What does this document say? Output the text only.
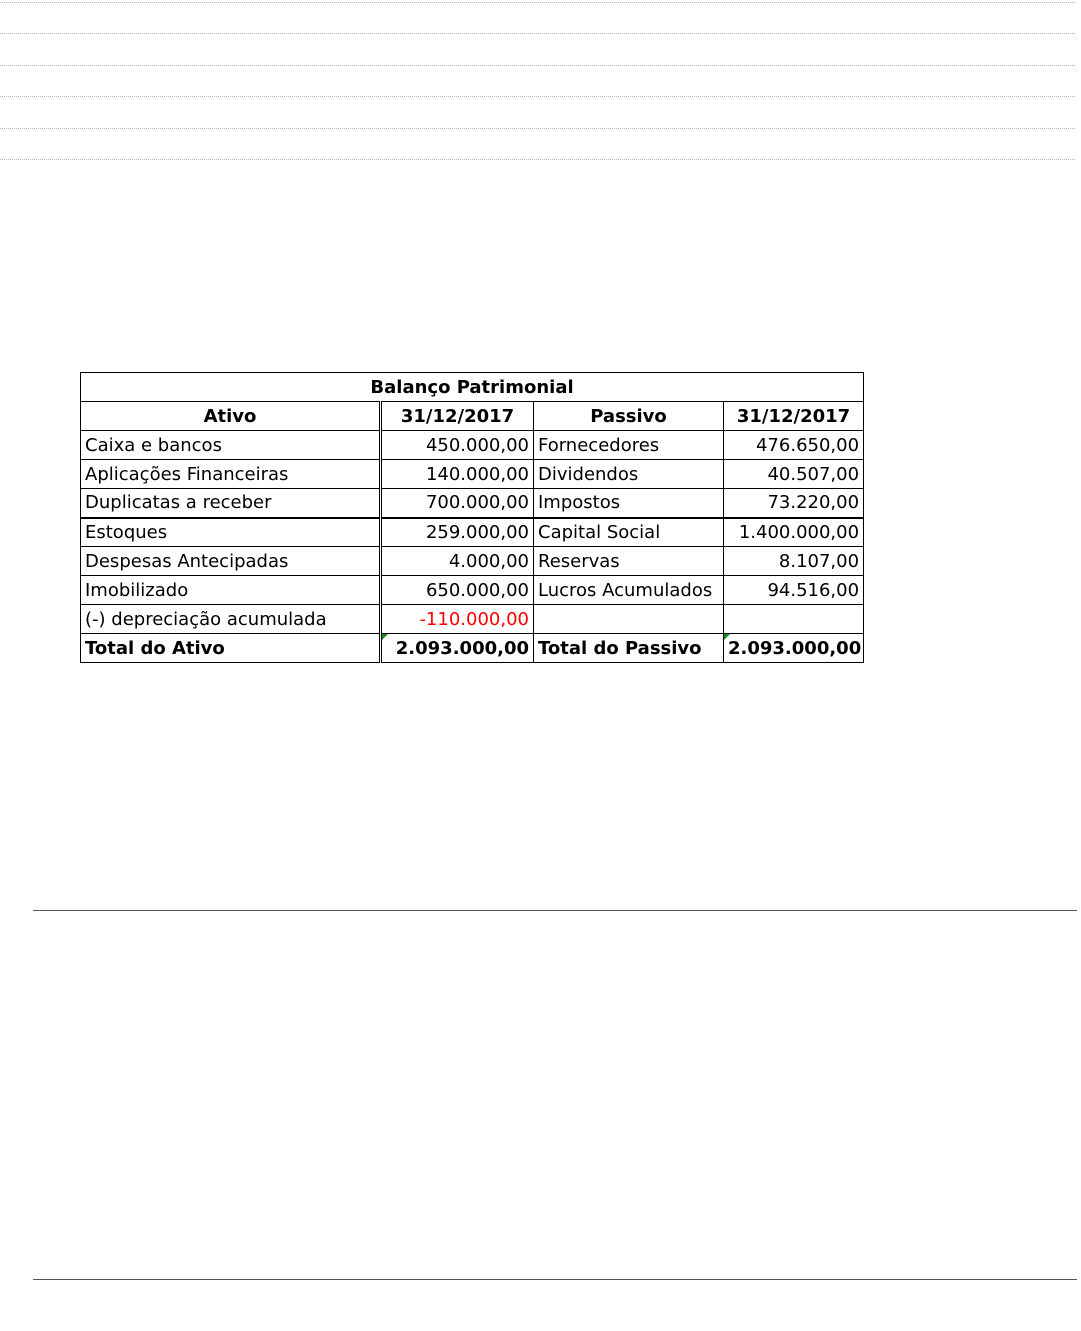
Balanço Patrimonial			
Ativo	31/12/2017	Passivo	31/12/2017
Caixa e bancos	450.000,00	Fornecedores	476.650,00
Aplicações Financeiras	140.000,00	Dividendos	40.507,00
Duplicatas a receber	700.000,00	Impostos	73.220,00
Estoques	259.000,00	Capital Social	1.400.000,00
Despesas Antecipadas	4.000,00	Reservas	8.107,00
Imobilizado	650.000,00	Lucros Acumulados	94.516,00
(-) depreciação acumulada	-110.000,00		
Total do Ativo	2.093.000,00	Total do Passivo	2.093.000,00
